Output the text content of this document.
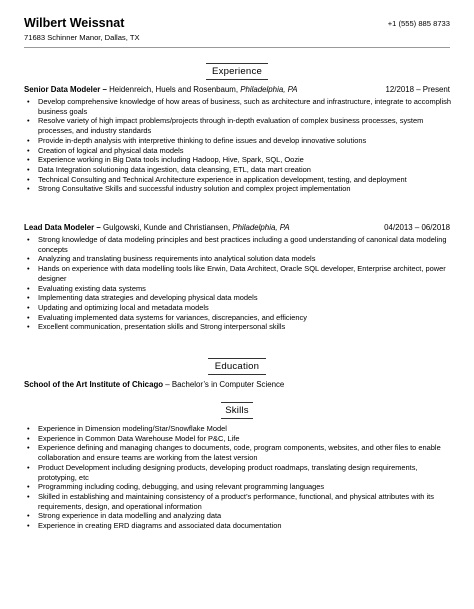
Wilbert Weissnat	+1 (555) 885 8733
71683 Schinner Manor, Dallas, TX
Experience
Senior Data Modeler – Heidenreich, Huels and Rosenbaum, Philadelphia, PA	12/2018 – Present
• Develop comprehensive knowledge of how areas of business, such as architecture and infrastructure, integrate to accomplish business goals
• Resolve variety of high impact problems/projects through in-depth evaluation of complex business processes, system processes, and industry standards
• Provide in-depth analysis with interpretive thinking to define issues and develop innovative solutions
• Creation of logical and physical data models
• Experience working in Big Data tools including Hadoop, Hive, Spark, SQL, Oozie
• Data Integration solutioning data ingestion, data cleansing, ETL, data mart creation
• Technical Consulting and Technical Architecture experience in application development, testing, and deployment
• Strong Consultative Skills and successful industry solution and complex project implementation
Lead Data Modeler – Gulgowski, Kunde and Christiansen, Philadelphia, PA	04/2013 – 06/2018
• Strong knowledge of data modeling principles and best practices including a good understanding of canonical data modeling concepts
• Analyzing and translating business requirements into analytical solution data models
• Hands on experience with data modelling tools like Erwin, Data Architect, Oracle SQL developer, Enterprise architect, power designer
• Evaluating existing data systems
• Implementing data strategies and developing physical data models
• Updating and optimizing local and metadata models
• Evaluating implemented data systems for variances, discrepancies, and efficiency
• Excellent communication, presentation skills and Strong interpersonal skills
Education
School of the Art Institute of Chicago – Bachelor’s in Computer Science
Skills
• Experience in Dimension modeling/Star/Snowflake Model
• Experience in Common Data Warehouse Model for P&C, Life
• Experience defining and managing changes to documents, code, program components, websites, and other files to enable collaboration and ensure teams are working from the latest version
• Product Development including designing products, developing product roadmaps, translating design requirements, prototyping, etc
• Programming including coding, debugging, and using relevant programming languages
• Skilled in establishing and maintaining consistency of a product’s performance, functional, and physical attributes with its requirements, design, and operational information
• Strong experience in data modelling and analyzing data
• Experience in creating ERD diagrams and associated data documentation
